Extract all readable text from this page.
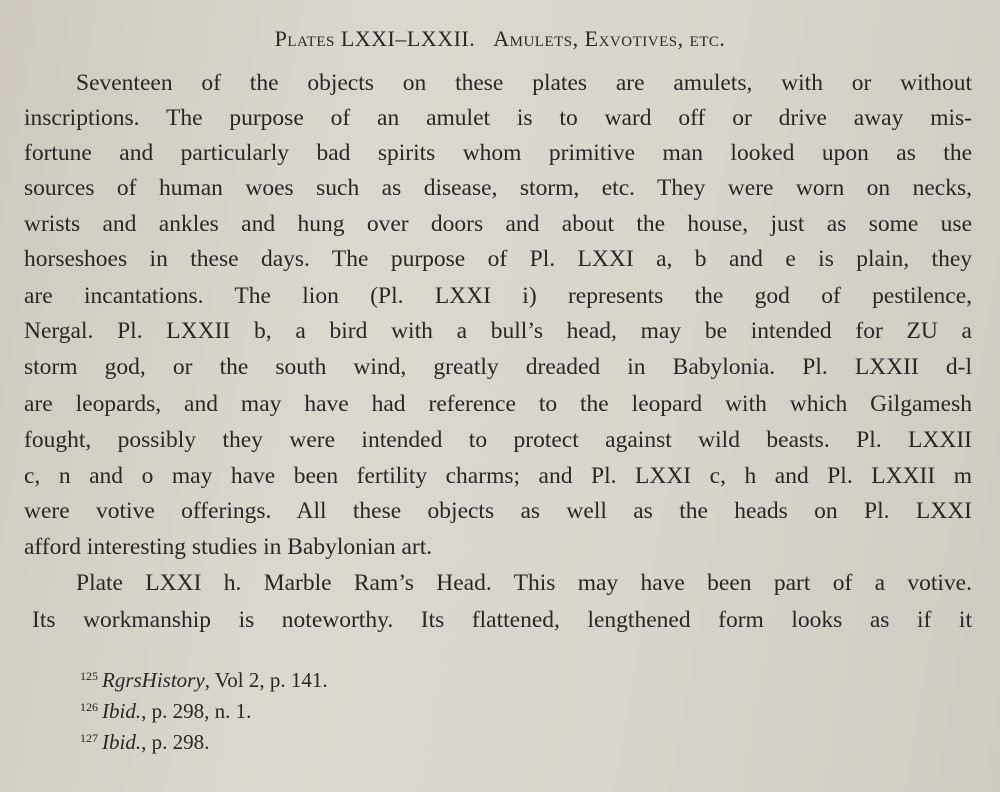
Plates LXXI–LXXII. Amulets, Exvotives, etc.
Seventeen of the objects on these plates are amulets, with or without
inscriptions. The purpose of an amulet is to ward off or drive away mis-
fortune and particularly bad spirits whom primitive man looked upon as the
sources of human woes such as disease, storm, etc. They were worn on necks,
wrists and ankles and hung over doors and about the house, just as some use
horseshoes in these days. The purpose of Pl. LXXI a, b and e is plain, they
are incantations. The lion (Pl. LXXI i) represents the god of pestilence,
Nergal. Pl. LXXII b, a bird with a bull’s head, may be intended for ZU a
storm god, or the south wind, greatly dreaded in Babylonia. Pl. LXXII d-l
are leopards, and may have had reference to the leopard with which Gilgamesh
fought, possibly they were intended to protect against wild beasts. Pl. LXXII
c, n and o may have been fertility charms; and Pl. LXXI c, h and Pl. LXXII m
were votive offerings. All these objects as well as the heads on Pl. LXXI
afford interesting studies in Babylonian art.
Plate LXXI h. Marble Ram’s Head. This may have been part of a votive.
Its workmanship is noteworthy. Its flattened, lengthened form looks as if it
$^{125}$ RgrsHistory, Vol 2, p. 141.
$^{126}$ Ibid., p. 298, n. 1.
$^{127}$ Ibid., p. 298.
